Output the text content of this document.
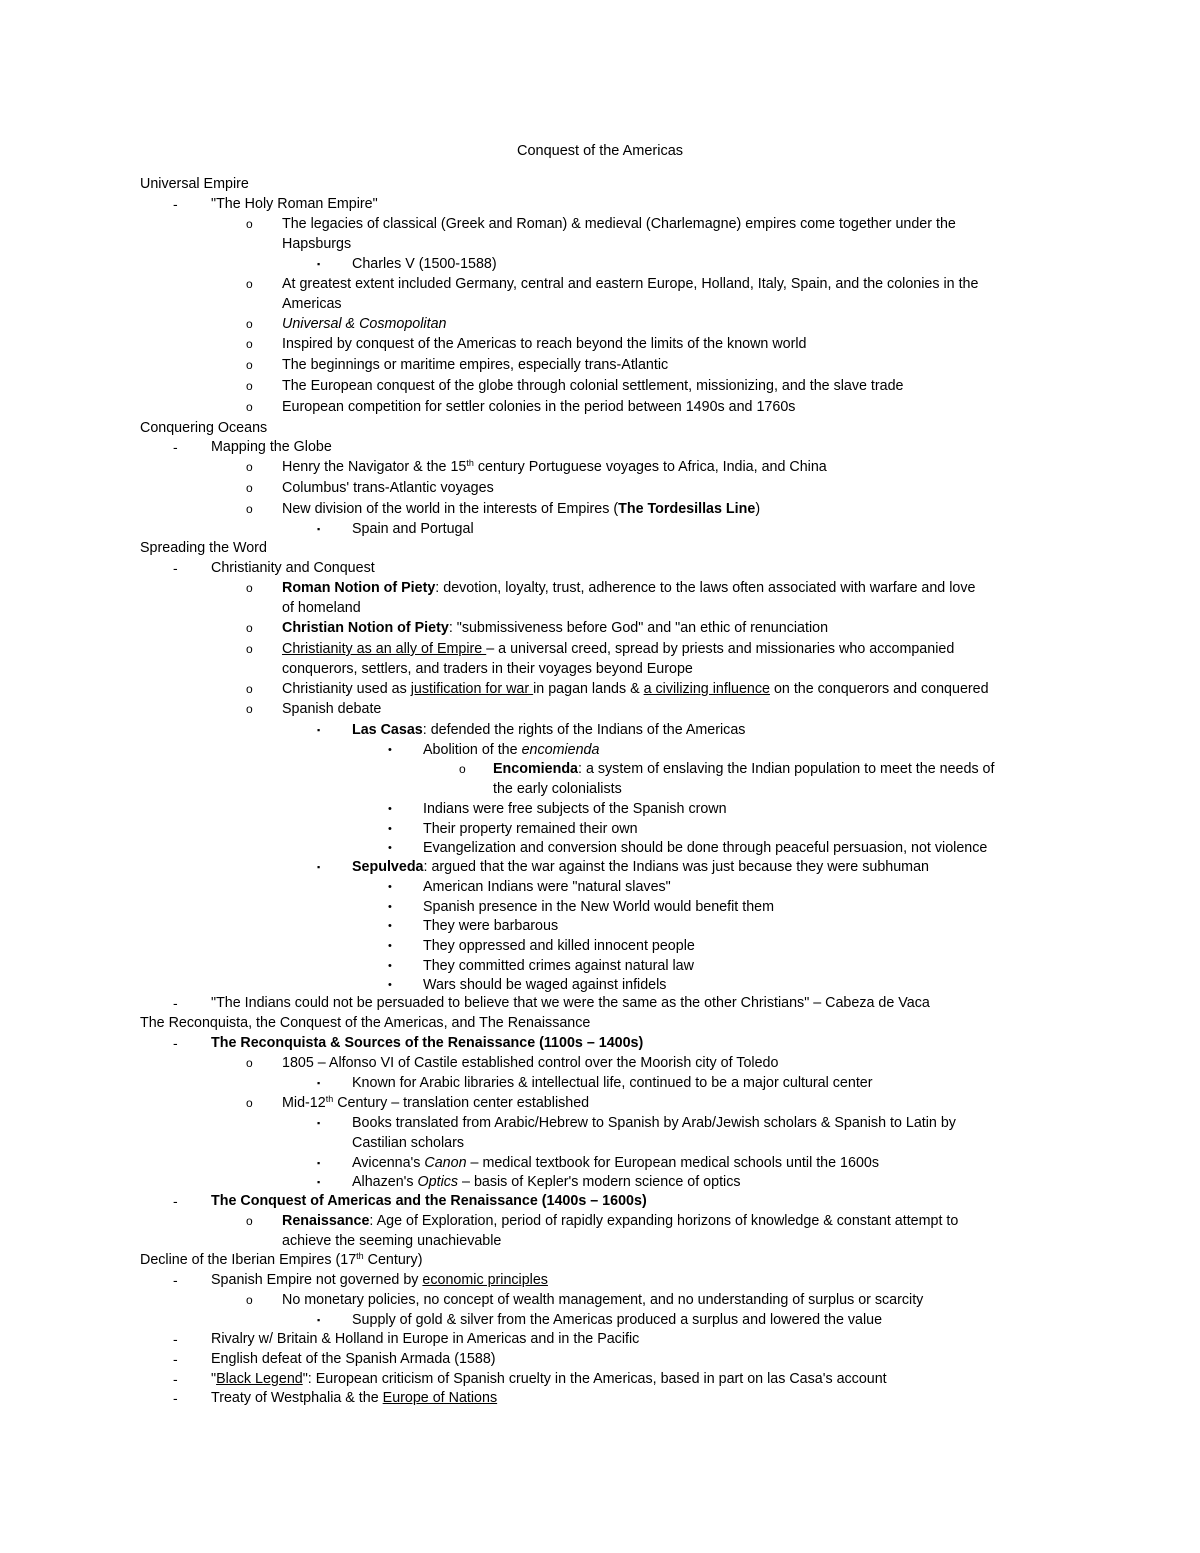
Conquest of the Americas
Universal Empire
- "The Holy Roman Empire"
o The legacies of classical (Greek and Roman) & medieval (Charlemagne) empires come together under the
Hapsburgs
▪ Charles V (1500-1588)
o At greatest extent included Germany, central and eastern Europe, Holland, Italy, Spain, and the colonies in the
Americas
o Universal & Cosmopolitan
o Inspired by conquest of the Americas to reach beyond the limits of the known world
o The beginnings or maritime empires, especially trans-Atlantic
o The European conquest of the globe through colonial settlement, missionizing, and the slave trade
o European competition for settler colonies in the period between 1490s and 1760s
Conquering Oceans
- Mapping the Globe
o Henry the Navigator & the 15th century Portuguese voyages to Africa, India, and China
o Columbus' trans-Atlantic voyages
o New division of the world in the interests of Empires (The Tordesillas Line)
▪ Spain and Portugal
Spreading the Word
- Christianity and Conquest
o Roman Notion of Piety: devotion, loyalty, trust, adherence to the laws often associated with warfare and love
of homeland
o Christian Notion of Piety: "submissiveness before God" and "an ethic of renunciation
o Christianity as an ally of Empire – a universal creed, spread by priests and missionaries who accompanied
conquerors, settlers, and traders in their voyages beyond Europe
o Christianity used as justification for war in pagan lands & a civilizing influence on the conquerors and conquered
o Spanish debate
▪ Las Casas: defended the rights of the Indians of the Americas
• Abolition of the encomienda
o Encomienda: a system of enslaving the Indian population to meet the needs of
the early colonialists
• Indians were free subjects of the Spanish crown
• Their property remained their own
• Evangelization and conversion should be done through peaceful persuasion, not violence
▪ Sepulveda: argued that the war against the Indians was just because they were subhuman
• American Indians were "natural slaves"
• Spanish presence in the New World would benefit them
• They were barbarous
• They oppressed and killed innocent people
• They committed crimes against natural law
• Wars should be waged against infidels
- "The Indians could not be persuaded to believe that we were the same as the other Christians" – Cabeza de Vaca
The Reconquista, the Conquest of the Americas, and The Renaissance
- The Reconquista & Sources of the Renaissance (1100s – 1400s)
o 1805 – Alfonso VI of Castile established control over the Moorish city of Toledo
▪ Known for Arabic libraries & intellectual life, continued to be a major cultural center
o Mid-12th Century – translation center established
▪ Books translated from Arabic/Hebrew to Spanish by Arab/Jewish scholars & Spanish to Latin by
Castilian scholars
▪ Avicenna's Canon – medical textbook for European medical schools until the 1600s
▪ Alhazen's Optics – basis of Kepler's modern science of optics
- The Conquest of Americas and the Renaissance (1400s – 1600s)
o Renaissance: Age of Exploration, period of rapidly expanding horizons of knowledge & constant attempt to
achieve the seeming unachievable
Decline of the Iberian Empires (17th Century)
- Spanish Empire not governed by economic principles
o No monetary policies, no concept of wealth management, and no understanding of surplus or scarcity
▪ Supply of gold & silver from the Americas produced a surplus and lowered the value
- Rivalry w/ Britain & Holland in Europe in Americas and in the Pacific
- English defeat of the Spanish Armada (1588)
- "Black Legend": European criticism of Spanish cruelty in the Americas, based in part on las Casa's account
- Treaty of Westphalia & the Europe of Nations
